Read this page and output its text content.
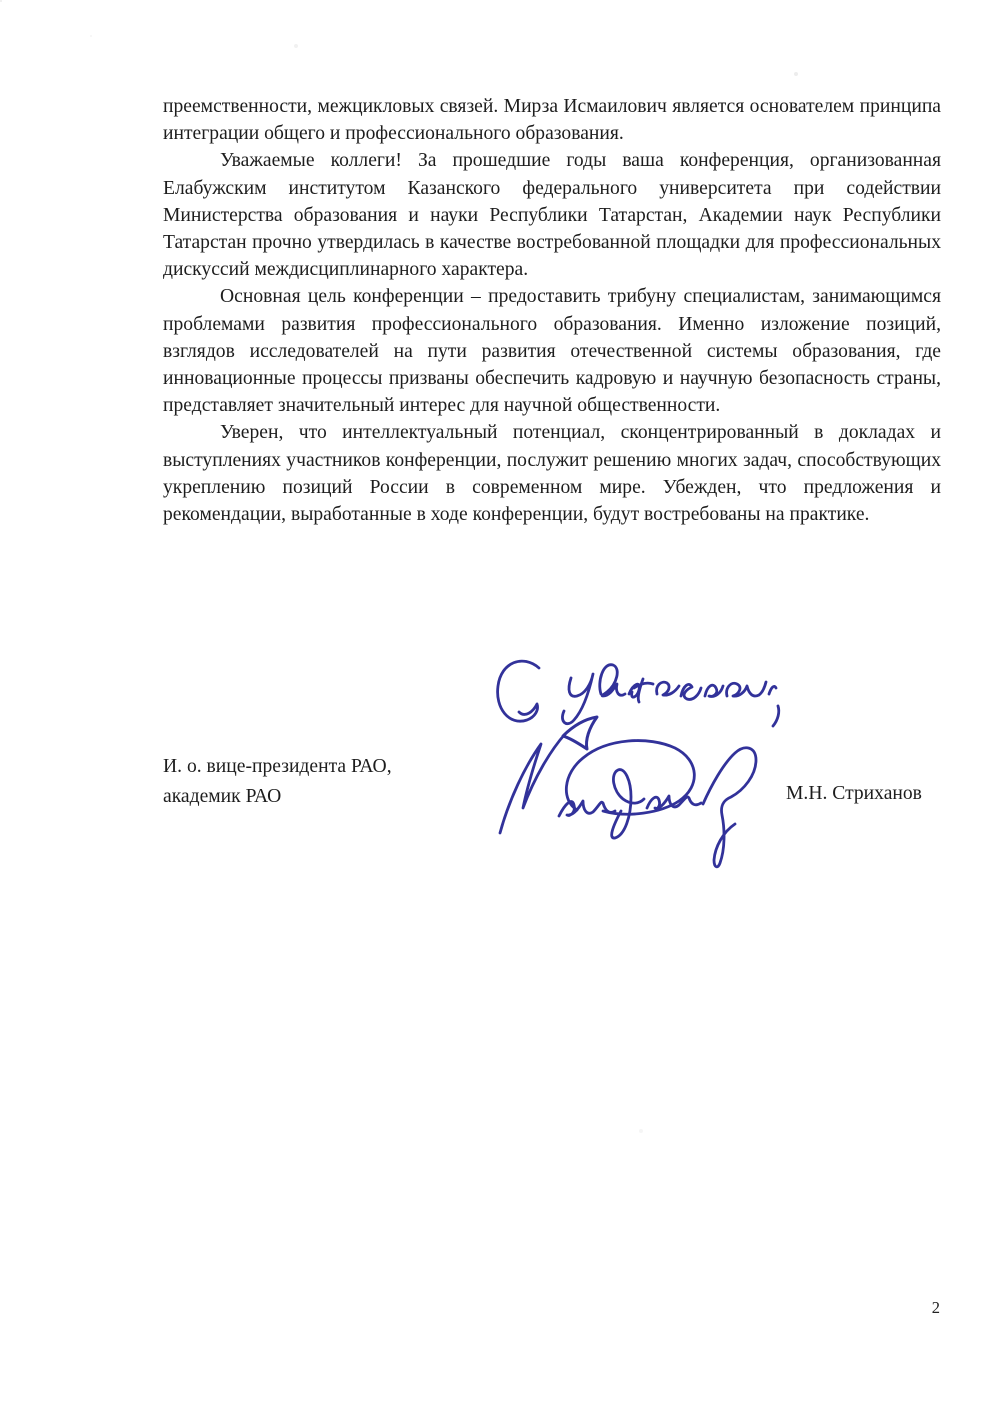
преемственности, межцикловых связей. Мирза Исмаилович является основателем принципа интеграции общего и профессионального образования.

Уважаемые коллеги! За прошедшие годы ваша конференция, организованная Елабужским институтом Казанского федерального университета при содействии Министерства образования и науки Республики Татарстан, Академии наук Республики Татарстан прочно утвердилась в качестве востребованной площадки для профессиональных дискуссий междисциплинарного характера.

Основная цель конференции – предоставить трибуну специалистам, занимающимся проблемами развития профессионального образования. Именно изложение позиций, взглядов исследователей на пути развития отечественной системы образования, где инновационные процессы призваны обеспечить кадровую и научную безопасность страны, представляет значительный интерес для научной общественности.

Уверен, что интеллектуальный потенциал, сконцентрированный в докладах и выступлениях участников конференции, послужит решению многих задач, способствующих укреплению позиций России в современном мире. Убежден, что предложения и рекомендации, выработанные в ходе конференции, будут востребованы на практике.

И. о. вице-президента РАО,
академик РАО	М.Н. Стриханов
2
